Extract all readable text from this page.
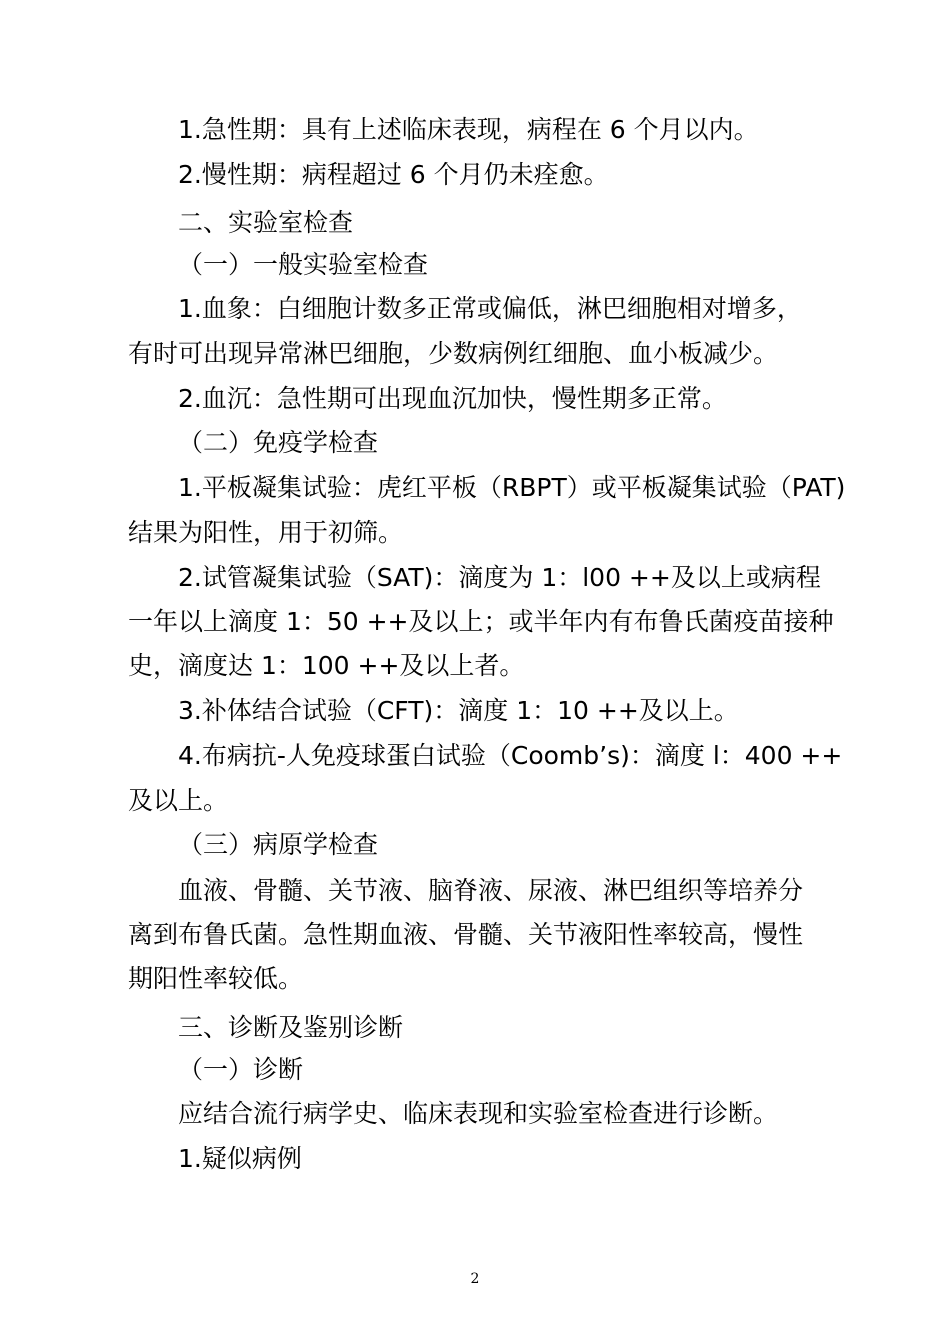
1.急性期：具有上述临床表现，病程在 6 个月以内。
2.慢性期：病程超过 6 个月仍未痊愈。
二、实验室检查
（一）一般实验室检查
1.血象：白细胞计数多正常或偏低，淋巴细胞相对增多，
有时可出现异常淋巴细胞，少数病例红细胞、血小板减少。
2.血沉：急性期可出现血沉加快，慢性期多正常。
（二）免疫学检查
1.平板凝集试验：虎红平板（RBPT）或平板凝集试验（PAT)
结果为阳性，用于初筛。
2.试管凝集试验（SAT)：滴度为 1：l00 ++及以上或病程
一年以上滴度 1：50 ++及以上；或半年内有布鲁氏菌疫苗接种
史，滴度达 1：100 ++及以上者。
3.补体结合试验（CFT)：滴度 1：10 ++及以上。
4.布病抗-人免疫球蛋白试验（Coomb’s)：滴度 l：400 ++
及以上。
（三）病原学检查
血液、骨髓、关节液、脑脊液、尿液、淋巴组织等培养分
离到布鲁氏菌。急性期血液、骨髓、关节液阳性率较高，慢性
期阳性率较低。
三、诊断及鉴别诊断
（一）诊断
应结合流行病学史、临床表现和实验室检查进行诊断。
1.疑似病例
2
